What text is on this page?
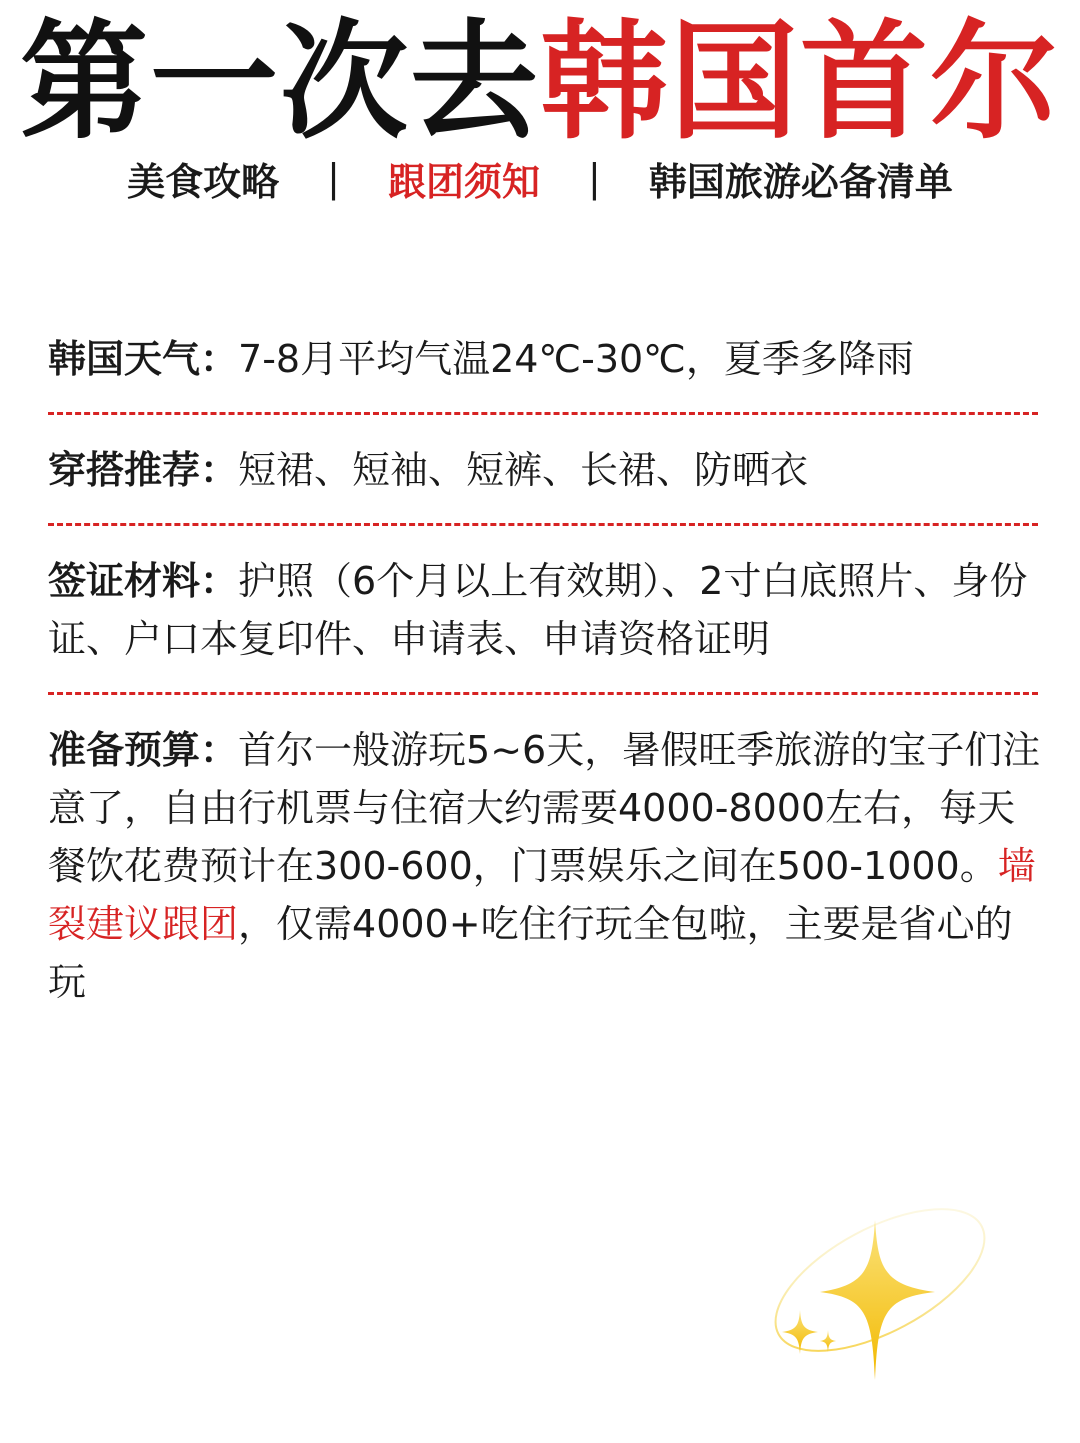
第一次去韩国首尔
美食攻略 | 跟团须知 | 韩国旅游必备清单
韩国天气：7-8月平均气温24℃-30℃，夏季多降雨
穿搭推荐：短裙、短袖、短裤、长裙、防晒衣
签证材料：护照（6个月以上有效期）、2寸白底照片、身份证、户口本复印件、申请表、申请资格证明
准备预算：首尔一般游玩5~6天，暑假旺季旅游的宝子们注意了，自由行机票与住宿大约需要4000-8000左右，每天餐饮花费预计在300-600，门票娱乐之间在500-1000。墙裂建议跟团，仅需4000+吃住行玩全包啦，主要是省心的玩
